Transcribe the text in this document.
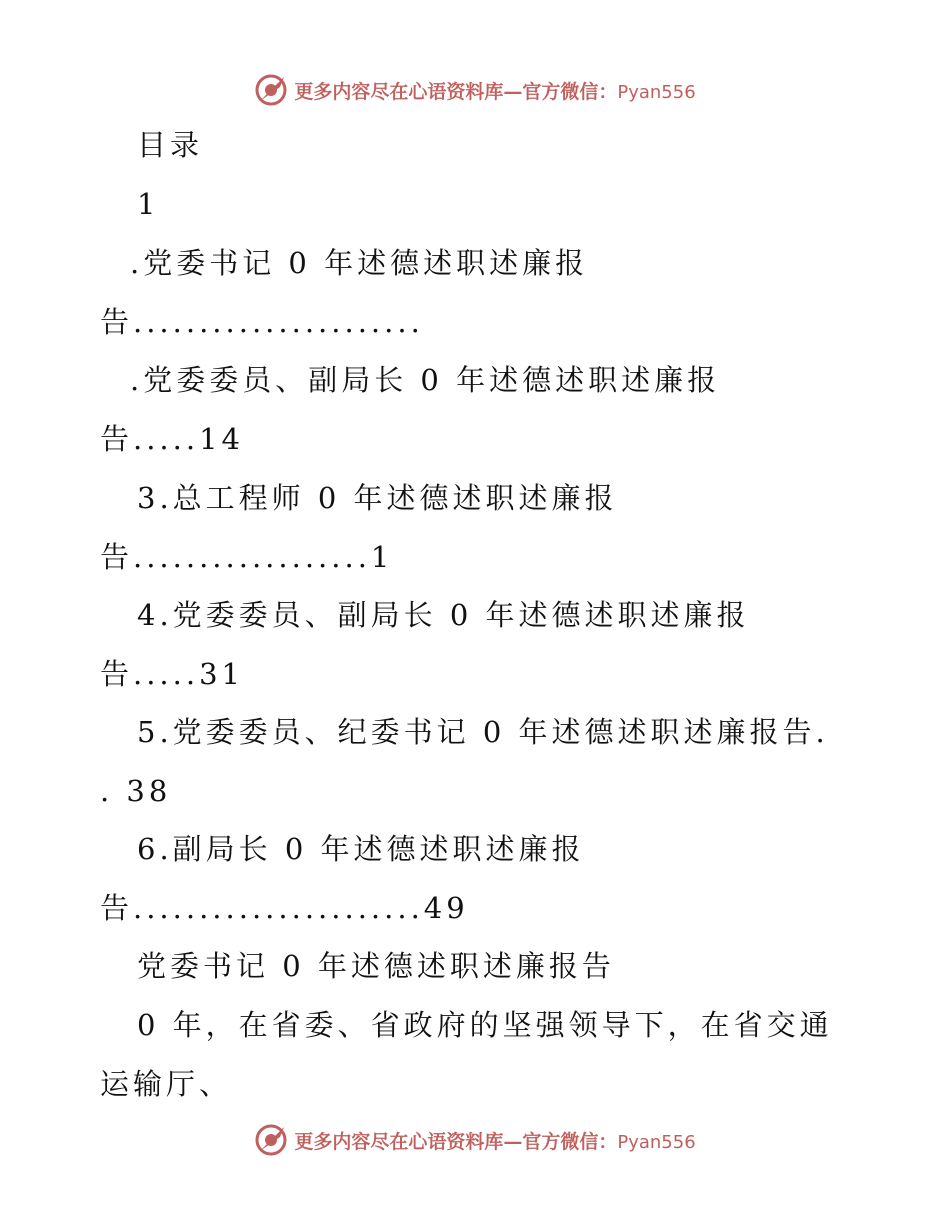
更多内容尽在心语资料库—官方微信：Pyan556
目录
1
.党委书记 0 年述德述职述廉报
告......................
.党委委员、副局长 0 年述德述职述廉报
告.....14
3.总工程师 0 年述德述职述廉报
告..................1
4.党委委员、副局长 0 年述德述职述廉报
告.....31
5.党委委员、纪委书记 0 年述德述职述廉报告.
. 38
6.副局长 0 年述德述职述廉报
告......................49
党委书记 0 年述德述职述廉报告
0 年，在省委、省政府的坚强领导下，在省交通
运输厅、
更多内容尽在心语资料库—官方微信：Pyan556
